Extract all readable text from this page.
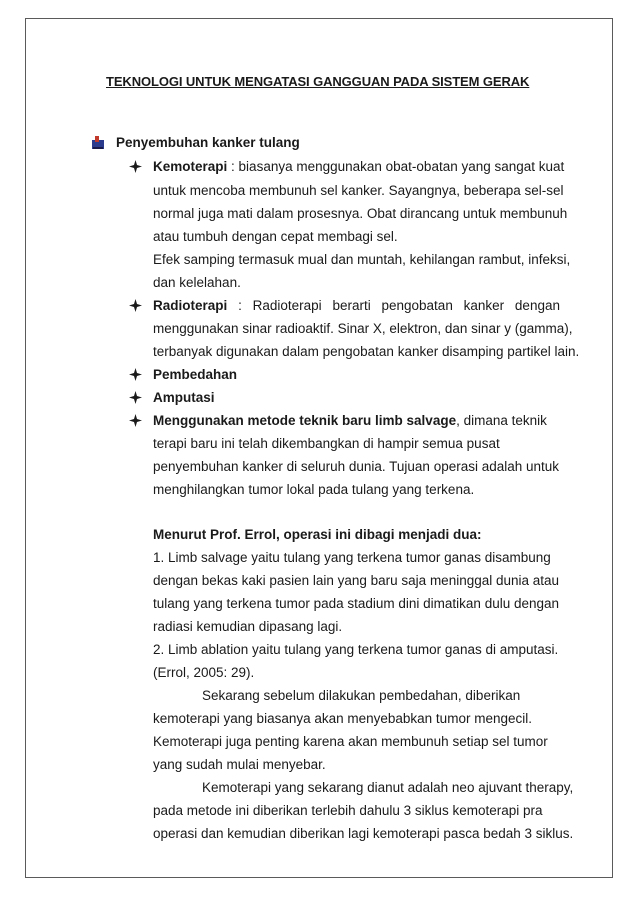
TEKNOLOGI UNTUK MENGATASI GANGGUAN PADA SISTEM GERAK
Penyembuhan kanker tulang
Kemoterapi : biasanya menggunakan obat-obatan yang sangat kuat
untuk mencoba membunuh sel kanker. Sayangnya, beberapa sel-sel
normal juga mati dalam prosesnya. Obat dirancang untuk membunuh
atau tumbuh dengan cepat membagi sel.
Efek samping termasuk mual dan muntah, kehilangan rambut, infeksi,
dan kelelahan.
Radioterapi : Radioterapi berarti pengobatan kanker dengan
menggunakan sinar radioaktif. Sinar X, elektron, dan sinar y (gamma),
terbanyak digunakan dalam pengobatan kanker disamping partikel lain.
Pembedahan
Amputasi
Menggunakan metode teknik baru limb salvage, dimana teknik
terapi baru ini telah dikembangkan di hampir semua pusat
penyembuhan kanker di seluruh dunia. Tujuan operasi adalah untuk
menghilangkan tumor lokal pada tulang yang terkena.
Menurut Prof. Errol, operasi ini dibagi menjadi dua:
1. Limb salvage yaitu tulang yang terkena tumor ganas disambung
dengan bekas kaki pasien lain yang baru saja meninggal dunia atau
tulang yang terkena tumor pada stadium dini dimatikan dulu dengan
radiasi kemudian dipasang lagi.
2. Limb ablation yaitu tulang yang terkena tumor ganas di amputasi.
(Errol, 2005: 29).
Sekarang sebelum dilakukan pembedahan, diberikan
kemoterapi yang biasanya akan menyebabkan tumor mengecil.
Kemoterapi juga penting karena akan membunuh setiap sel tumor
yang sudah mulai menyebar.
Kemoterapi yang sekarang dianut adalah neo ajuvant therapy,
pada metode ini diberikan terlebih dahulu 3 siklus kemoterapi pra
operasi dan kemudian diberikan lagi kemoterapi pasca bedah 3 siklus.
